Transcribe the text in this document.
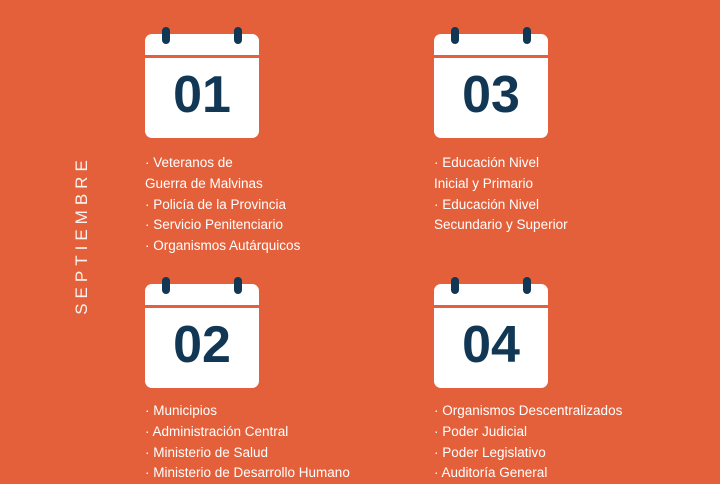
SEPTIEMBRE
01
· Veteranos de
Guerra de Malvinas
· Policía de la Provincia
· Servicio Penitenciario
· Organismos Autárquicos
03
· Educación Nivel
Inicial y Primario
· Educación Nivel
Secundario y Superior
02
· Municipios
· Administración Central
· Ministerio de Salud
· Ministerio de Desarrollo Humano
04
· Organismos Descentralizados
· Poder Judicial
· Poder Legislativo
· Auditoría General
